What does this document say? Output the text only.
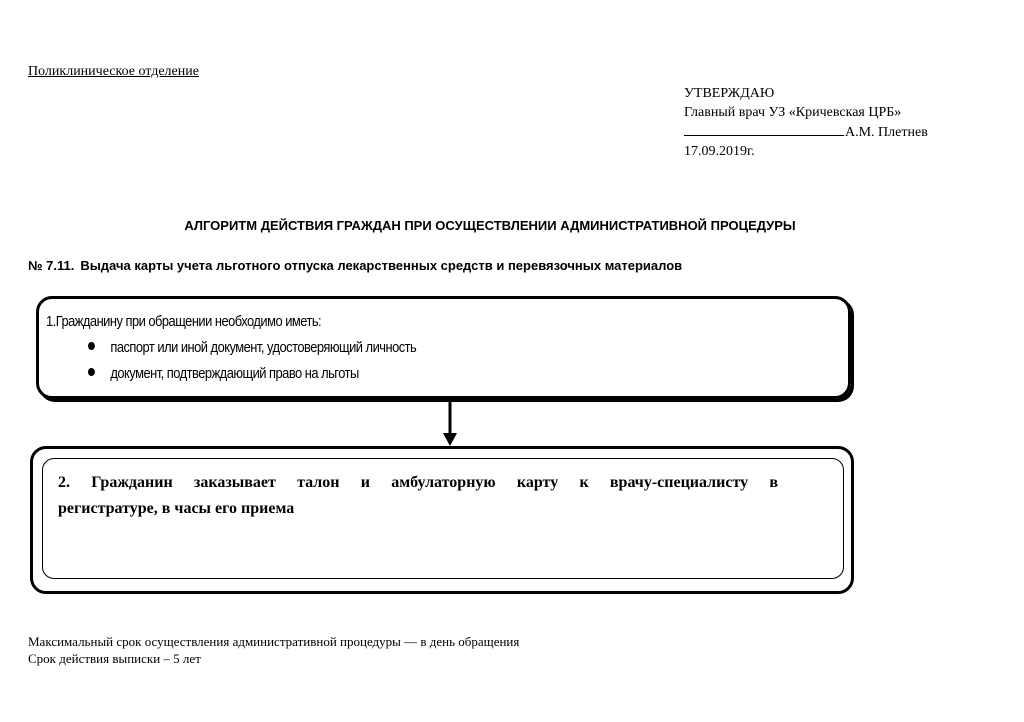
Поликлиническое отделение
УТВЕРЖДАЮ
Главный врач УЗ «Кричевская ЦРБ»
А.М. Плетнев
17.09.2019г.
АЛГОРИТМ ДЕЙСТВИЯ ГРАЖДАН ПРИ ОСУЩЕСТВЛЕНИИ АДМИНИСТРАТИВНОЙ ПРОЦЕДУРЫ
№ 7.11. Выдача карты учета льготного отпуска лекарственных средств и перевязочных материалов
1.Гражданину при обращении необходимо иметь:
паспорт или иной документ, удостоверяющий личность
документ, подтверждающий право на льготы
2. Гражданин заказывает талон и амбулаторную карту к врачу-специалисту в
регистратуре, в часы его приема
Максимальный срок осуществления административной процедуры — в день обращения
Срок действия выписки – 5 лет
